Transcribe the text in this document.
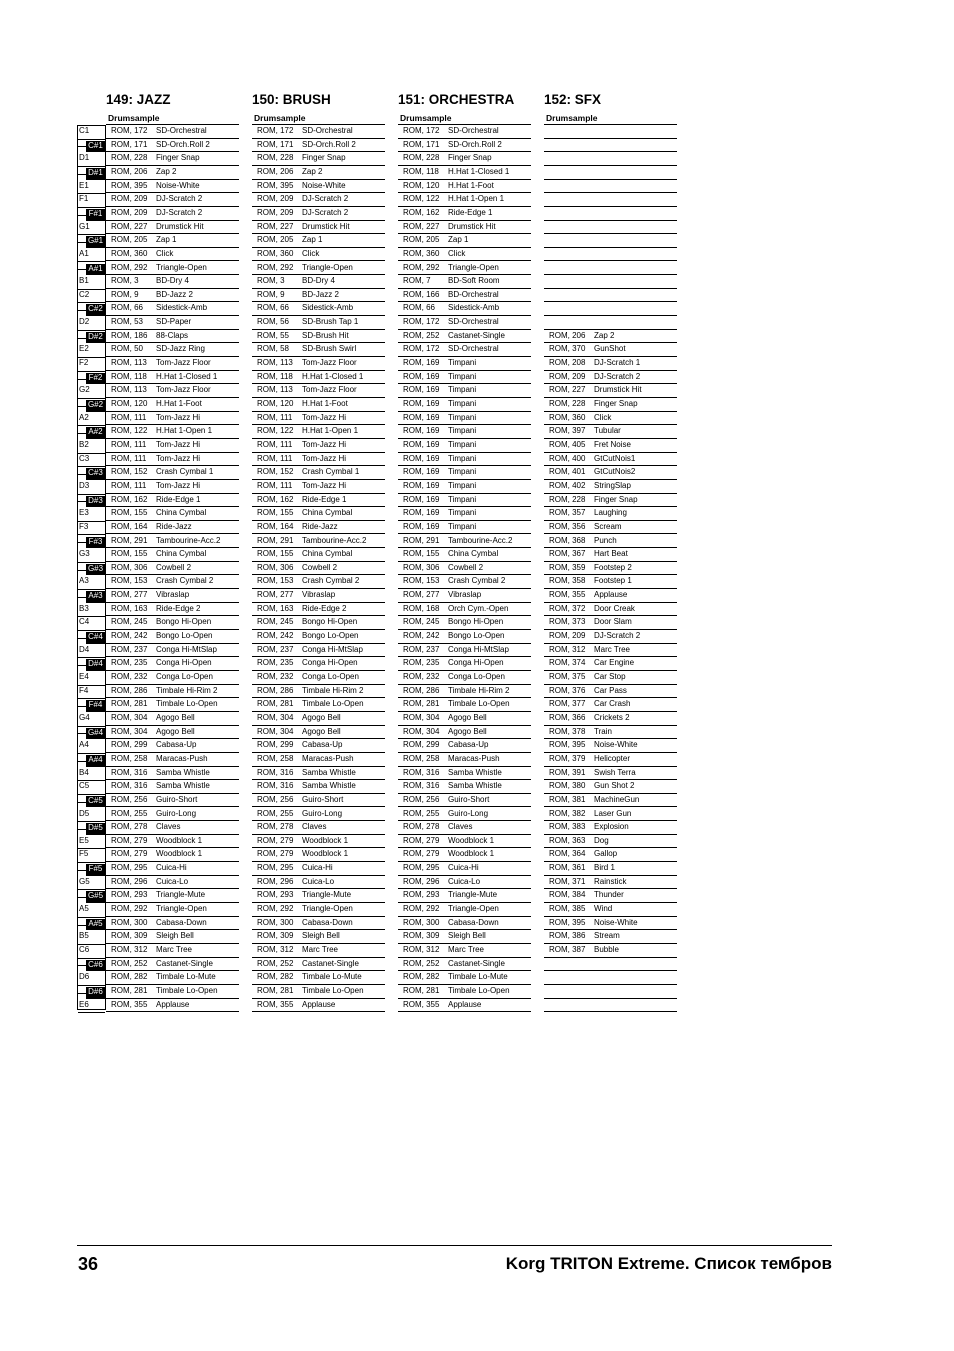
C1
C#1
D1
D#1
E1
F1
F#1
G1
G#1
A1
A#1
B1
C2
C#2
D2
D#2
E2
F2
F#2
G2
G#2
A2
A#2
B2
C3
C#3
D3
D#3
E3
F3
F#3
G3
G#3
A3
A#3
B3
C4
C#4
D4
D#4
E4
F4
F#4
G4
G#4
A4
A#4
B4
C5
C#5
D5
D#5
E5
F5
F#5
G5
G#5
A5
A#5
B5
C6
C#6
D6
D#6
E6
149: JAZZ
Drumsample
ROM, 172 SD-Orchestral
ROM, 171 SD-Orch.Roll 2
ROM, 228 Finger Snap
ROM, 206 Zap 2
ROM, 395 Noise-White
ROM, 209 DJ-Scratch 2
ROM, 209 DJ-Scratch 2
ROM, 227 Drumstick Hit
ROM, 205 Zap 1
ROM, 360 Click
ROM, 292 Triangle-Open
ROM, 3 BD-Dry 4
ROM, 9 BD-Jazz 2
ROM, 66 Sidestick-Amb
ROM, 53 SD-Paper
ROM, 186 88-Claps
ROM, 50 SD-Jazz Ring
ROM, 113 Tom-Jazz Floor
ROM, 118 H.Hat 1-Closed 1
ROM, 113 Tom-Jazz Floor
ROM, 120 H.Hat 1-Foot
ROM, 111 Tom-Jazz Hi
ROM, 122 H.Hat 1-Open 1
ROM, 111 Tom-Jazz Hi
ROM, 111 Tom-Jazz Hi
ROM, 152 Crash Cymbal 1
ROM, 111 Tom-Jazz Hi
ROM, 162 Ride-Edge 1
ROM, 155 China Cymbal
ROM, 164 Ride-Jazz
ROM, 291 Tambourine-Acc.2
ROM, 155 China Cymbal
ROM, 306 Cowbell 2
ROM, 153 Crash Cymbal 2
ROM, 277 Vibraslap
ROM, 163 Ride-Edge 2
ROM, 245 Bongo Hi-Open
ROM, 242 Bongo Lo-Open
ROM, 237 Conga Hi-MtSlap
ROM, 235 Conga Hi-Open
ROM, 232 Conga Lo-Open
ROM, 286 Timbale Hi-Rim 2
ROM, 281 Timbale Lo-Open
ROM, 304 Agogo Bell
ROM, 304 Agogo Bell
ROM, 299 Cabasa-Up
ROM, 258 Maracas-Push
ROM, 316 Samba Whistle
ROM, 316 Samba Whistle
ROM, 256 Guiro-Short
ROM, 255 Guiro-Long
ROM, 278 Claves
ROM, 279 Woodblock 1
ROM, 279 Woodblock 1
ROM, 295 Cuica-Hi
ROM, 296 Cuica-Lo
ROM, 293 Triangle-Mute
ROM, 292 Triangle-Open
ROM, 300 Cabasa-Down
ROM, 309 Sleigh Bell
ROM, 312 Marc Tree
ROM, 252 Castanet-Single
ROM, 282 Timbale Lo-Mute
ROM, 281 Timbale Lo-Open
ROM, 355 Applause
150: BRUSH
Drumsample
ROM, 172 SD-Orchestral
ROM, 171 SD-Orch.Roll 2
ROM, 228 Finger Snap
ROM, 206 Zap 2
ROM, 395 Noise-White
ROM, 209 DJ-Scratch 2
ROM, 209 DJ-Scratch 2
ROM, 227 Drumstick Hit
ROM, 205 Zap 1
ROM, 360 Click
ROM, 292 Triangle-Open
ROM, 3 BD-Dry 4
ROM, 9 BD-Jazz 2
ROM, 66 Sidestick-Amb
ROM, 56 SD-Brush Tap 1
ROM, 55 SD-Brush Hit
ROM, 58 SD-Brush Swirl
ROM, 113 Tom-Jazz Floor
ROM, 118 H.Hat 1-Closed 1
ROM, 113 Tom-Jazz Floor
ROM, 120 H.Hat 1-Foot
ROM, 111 Tom-Jazz Hi
ROM, 122 H.Hat 1-Open 1
ROM, 111 Tom-Jazz Hi
ROM, 111 Tom-Jazz Hi
ROM, 152 Crash Cymbal 1
ROM, 111 Tom-Jazz Hi
ROM, 162 Ride-Edge 1
ROM, 155 China Cymbal
ROM, 164 Ride-Jazz
ROM, 291 Tambourine-Acc.2
ROM, 155 China Cymbal
ROM, 306 Cowbell 2
ROM, 153 Crash Cymbal 2
ROM, 277 Vibraslap
ROM, 163 Ride-Edge 2
ROM, 245 Bongo Hi-Open
ROM, 242 Bongo Lo-Open
ROM, 237 Conga Hi-MtSlap
ROM, 235 Conga Hi-Open
ROM, 232 Conga Lo-Open
ROM, 286 Timbale Hi-Rim 2
ROM, 281 Timbale Lo-Open
ROM, 304 Agogo Bell
ROM, 304 Agogo Bell
ROM, 299 Cabasa-Up
ROM, 258 Maracas-Push
ROM, 316 Samba Whistle
ROM, 316 Samba Whistle
ROM, 256 Guiro-Short
ROM, 255 Guiro-Long
ROM, 278 Claves
ROM, 279 Woodblock 1
ROM, 279 Woodblock 1
ROM, 295 Cuica-Hi
ROM, 296 Cuica-Lo
ROM, 293 Triangle-Mute
ROM, 292 Triangle-Open
ROM, 300 Cabasa-Down
ROM, 309 Sleigh Bell
ROM, 312 Marc Tree
ROM, 252 Castanet-Single
ROM, 282 Timbale Lo-Mute
ROM, 281 Timbale Lo-Open
ROM, 355 Applause
151: ORCHESTRA
Drumsample
ROM, 172 SD-Orchestral
ROM, 171 SD-Orch.Roll 2
ROM, 228 Finger Snap
ROM, 118 H.Hat 1-Closed 1
ROM, 120 H.Hat 1-Foot
ROM, 122 H.Hat 1-Open 1
ROM, 162 Ride-Edge 1
ROM, 227 Drumstick Hit
ROM, 205 Zap 1
ROM, 360 Click
ROM, 292 Triangle-Open
ROM, 7 BD-Soft Room
ROM, 166 BD-Orchestral
ROM, 66 Sidestick-Amb
ROM, 172 SD-Orchestral
ROM, 252 Castanet-Single
ROM, 172 SD-Orchestral
ROM, 169 Timpani
ROM, 169 Timpani
ROM, 169 Timpani
ROM, 169 Timpani
ROM, 169 Timpani
ROM, 169 Timpani
ROM, 169 Timpani
ROM, 169 Timpani
ROM, 169 Timpani
ROM, 169 Timpani
ROM, 169 Timpani
ROM, 169 Timpani
ROM, 169 Timpani
ROM, 291 Tambourine-Acc.2
ROM, 155 China Cymbal
ROM, 306 Cowbell 2
ROM, 153 Crash Cymbal 2
ROM, 277 Vibraslap
ROM, 168 Orch Cym.-Open
ROM, 245 Bongo Hi-Open
ROM, 242 Bongo Lo-Open
ROM, 237 Conga Hi-MtSlap
ROM, 235 Conga Hi-Open
ROM, 232 Conga Lo-Open
ROM, 286 Timbale Hi-Rim 2
ROM, 281 Timbale Lo-Open
ROM, 304 Agogo Bell
ROM, 304 Agogo Bell
ROM, 299 Cabasa-Up
ROM, 258 Maracas-Push
ROM, 316 Samba Whistle
ROM, 316 Samba Whistle
ROM, 256 Guiro-Short
ROM, 255 Guiro-Long
ROM, 278 Claves
ROM, 279 Woodblock 1
ROM, 279 Woodblock 1
ROM, 295 Cuica-Hi
ROM, 296 Cuica-Lo
ROM, 293 Triangle-Mute
ROM, 292 Triangle-Open
ROM, 300 Cabasa-Down
ROM, 309 Sleigh Bell
ROM, 312 Marc Tree
ROM, 252 Castanet-Single
ROM, 282 Timbale Lo-Mute
ROM, 281 Timbale Lo-Open
ROM, 355 Applause
152: SFX
Drumsample
ROM, 206 Zap 2
ROM, 370 GunShot
ROM, 208 DJ-Scratch 1
ROM, 209 DJ-Scratch 2
ROM, 227 Drumstick Hit
ROM, 228 Finger Snap
ROM, 360 Click
ROM, 397 Tubular
ROM, 405 Fret Noise
ROM, 400 GtCutNois1
ROM, 401 GtCutNois2
ROM, 402 StringSlap
ROM, 228 Finger Snap
ROM, 357 Laughing
ROM, 356 Scream
ROM, 368 Punch
ROM, 367 Hart Beat
ROM, 359 Footstep 2
ROM, 358 Footstep 1
ROM, 355 Applause
ROM, 372 Door Creak
ROM, 373 Door Slam
ROM, 209 DJ-Scratch 2
ROM, 312 Marc Tree
ROM, 374 Car Engine
ROM, 375 Car Stop
ROM, 376 Car Pass
ROM, 377 Car Crash
ROM, 366 Crickets 2
ROM, 378 Train
ROM, 395 Noise-White
ROM, 379 Helicopter
ROM, 391 Swish Terra
ROM, 380 Gun Shot 2
ROM, 381 MachineGun
ROM, 382 Laser Gun
ROM, 383 Explosion
ROM, 363 Dog
ROM, 364 Gallop
ROM, 361 Bird 1
ROM, 371 Rainstick
ROM, 384 Thunder
ROM, 385 Wind
ROM, 395 Noise-White
ROM, 386 Stream
ROM, 387 Bubble
36	Korg TRITON Extreme. Список тембров
